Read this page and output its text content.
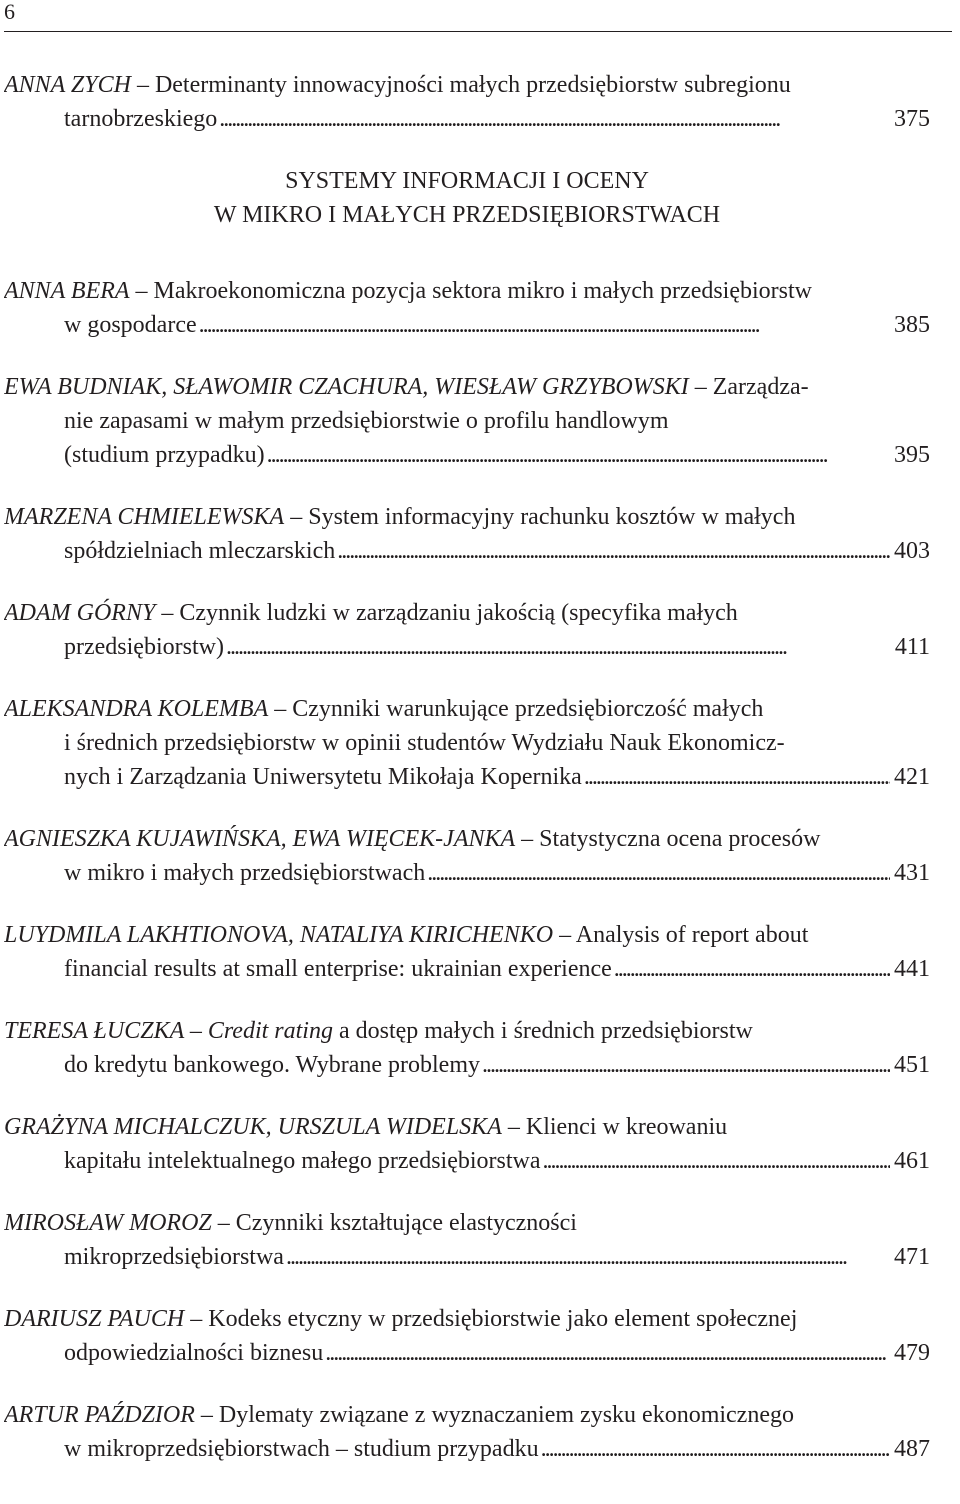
6
ANNA ZYCH – Determinanty innowacyjności małych przedsiębiorstw subregionu
tarnobrzeskiego . . .	375
SYSTEMY INFORMACJI I OCENY
W MIKRO I MAŁYCH PRZEDSIĘBIORSTWACH
ANNA BERA – Makroekonomiczna pozycja sektora mikro i małych przedsiębiorstw
w gospodarce . . .	385
EWA BUDNIAK, SŁAWOMIR CZACHURA, WIESŁAW GRZYBOWSKI – Zarządza-
nie zapasami w małym przedsiębiorstwie o profilu handlowym
(studium przypadku) . . .	395
MARZENA CHMIELEWSKA – System informacyjny rachunku kosztów w małych
spółdzielniach mleczarskich . . .	403
ADAM GÓRNY – Czynnik ludzki w zarządzaniu jakością (specyfika małych
przedsiębiorstw) . . .	411
ALEKSANDRA KOLEMBA – Czynniki warunkujące przedsiębiorczość małych
i średnich przedsiębiorstw w opinii studentów Wydziału Nauk Ekonomicz-
nych i Zarządzania Uniwersytetu Mikołaja Kopernika . . .	421
AGNIESZKA KUJAWIŃSKA, EWA WIĘCEK-JANKA – Statystyczna ocena procesów
w mikro i małych przedsiębiorstwach . . .	431
LUYDMILA LAKHTIONOVA, NATALIYA KIRICHENKO – Analysis of report about
financial results at small enterprise: ukrainian experience . . .	441
TERESA ŁUCZKA – Credit rating a dostęp małych i średnich przedsiębiorstw
do kredytu bankowego. Wybrane problemy . . .	451
GRAŻYNA MICHALCZUK, URSZULA WIDELSKA – Klienci w kreowaniu
kapitału intelektualnego małego przedsiębiorstwa . . .	461
MIROSŁAW MOROZ – Czynniki kształtujące elastyczności
mikroprzedsiębiorstwa . . .	471
DARIUSZ PAUCH – Kodeks etyczny w przedsiębiorstwie jako element społecznej
odpowiedzialności biznesu . . .	479
ARTUR PAŹDZIOR – Dylematy związane z wyznaczaniem zysku ekonomicznego
w mikroprzedsiębiorstwach – studium przypadku . . .	487
